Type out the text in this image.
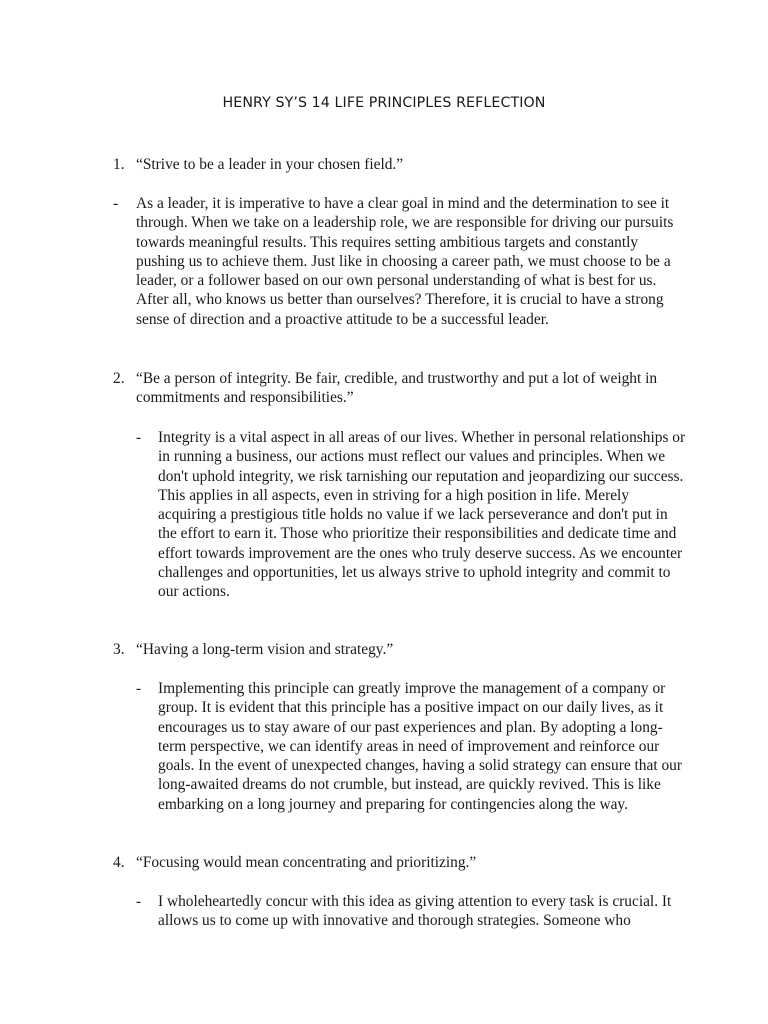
HENRY SY’S 14 LIFE PRINCIPLES REFLECTION
1. “Strive to be a leader in your chosen field.”
- As a leader, it is imperative to have a clear goal in mind and the determination to see it
through. When we take on a leadership role, we are responsible for driving our pursuits
towards meaningful results. This requires setting ambitious targets and constantly
pushing us to achieve them. Just like in choosing a career path, we must choose to be a
leader, or a follower based on our own personal understanding of what is best for us.
After all, who knows us better than ourselves? Therefore, it is crucial to have a strong
sense of direction and a proactive attitude to be a successful leader.
2. “Be a person of integrity. Be fair, credible, and trustworthy and put a lot of weight in
commitments and responsibilities.”
- Integrity is a vital aspect in all areas of our lives. Whether in personal relationships or
in running a business, our actions must reflect our values and principles. When we
don't uphold integrity, we risk tarnishing our reputation and jeopardizing our success.
This applies in all aspects, even in striving for a high position in life. Merely
acquiring a prestigious title holds no value if we lack perseverance and don't put in
the effort to earn it. Those who prioritize their responsibilities and dedicate time and
effort towards improvement are the ones who truly deserve success. As we encounter
challenges and opportunities, let us always strive to uphold integrity and commit to
our actions.
3. “Having a long-term vision and strategy.”
- Implementing this principle can greatly improve the management of a company or
group. It is evident that this principle has a positive impact on our daily lives, as it
encourages us to stay aware of our past experiences and plan. By adopting a long-
term perspective, we can identify areas in need of improvement and reinforce our
goals. In the event of unexpected changes, having a solid strategy can ensure that our
long-awaited dreams do not crumble, but instead, are quickly revived. This is like
embarking on a long journey and preparing for contingencies along the way.
4. “Focusing would mean concentrating and prioritizing.”
- I wholeheartedly concur with this idea as giving attention to every task is crucial. It
allows us to come up with innovative and thorough strategies. Someone who
